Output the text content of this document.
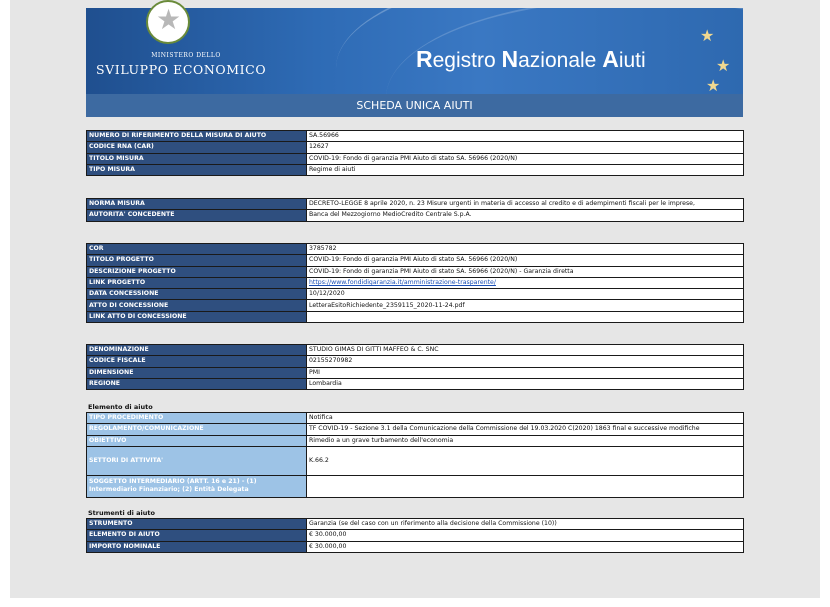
MINISTERO DELLO
SVILUPPO ECONOMICO	Registro Nazionale Aiuti
★
★
★
★
SCHEDA UNICA AIUTI
NUMERO DI RIFERIMENTO DELLA MISURA DI AIUTO	SA.56966
CODICE RNA (CAR)	12627
TITOLO MISURA	COVID-19: Fondo di garanzia PMI Aiuto di stato SA. 56966 (2020/N)
TIPO MISURA	Regime di aiuti
NORMA MISURA	DECRETO-LEGGE 8 aprile 2020, n. 23 Misure urgenti in materia di accesso al credito e di adempimenti fiscali per le imprese,
AUTORITA' CONCEDENTE	Banca del Mezzogiorno MedioCredito Centrale S.p.A.
COR	3785782
TITOLO PROGETTO	COVID-19: Fondo di garanzia PMI Aiuto di stato SA. 56966 (2020/N)
DESCRIZIONE PROGETTO	COVID-19: Fondo di garanzia PMI Aiuto di stato SA. 56966 (2020/N) - Garanzia diretta
LINK PROGETTO	https://www.fondidigaranzia.it/amministrazione-trasparente/
DATA CONCESSIONE	10/12/2020
ATTO DI CONCESSIONE	LetteraEsitoRichiedente_2359115_2020-11-24.pdf
LINK ATTO DI CONCESSIONE	
DENOMINAZIONE	STUDIO GIMAS DI GITTI MAFFEO & C. SNC
CODICE FISCALE	02155270982
DIMENSIONE	PMI
REGIONE	Lombardia
Elemento di aiuto
TIPO PROCEDIMENTO	Notifica
REGOLAMENTO/COMUNICAZIONE	TF COVID-19 - Sezione 3.1 della Comunicazione della Commissione del 19.03.2020 C(2020) 1863 final e successive modifiche
OBIETTIVO	Rimedio a un grave turbamento dell'economia
SETTORI DI ATTIVITA'	K.66.2
SOGGETTO INTERMEDIARIO (ARTT. 16 e 21) - (1) Intermediario Finanziario; (2) Entità Delegata	
Strumenti di aiuto
STRUMENTO	Garanzia (se del caso con un riferimento alla decisione della Commissione (10))
ELEMENTO DI AIUTO	€ 30.000,00
IMPORTO NOMINALE	€ 30.000,00
